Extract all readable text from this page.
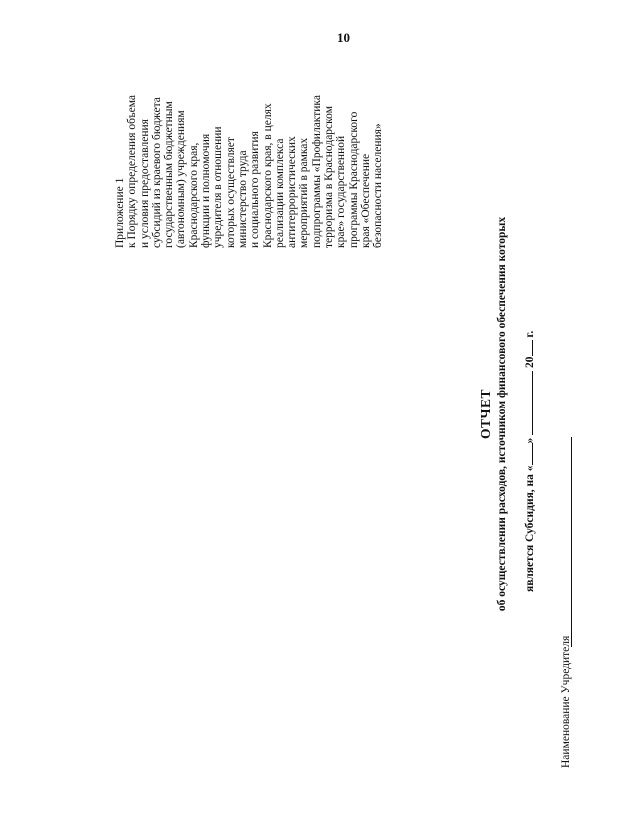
10
Приложение 1
к Порядку определения объема
и условия предоставления
субсидий из краевого бюджета
государственным бюджетным
(автономным) учреждениям
Краснодарского края,
функции и полномочия
учредителя в отношении
которых осуществляет
министерство труда
и социального развития
Краснодарского края, в целях
реализации комплекса
антитеррористических
мероприятий в рамках
подпрограммы «Профилактика
терроризма в Краснодарском
крае» государственной
программы Краснодарского
края «Обеспечение
безопасности населения»
ОТЧЕТ об осуществлении расходов, источником финансового обеспечения которых является Субсидия, на «»  20 г.
Наименование Учредителя
